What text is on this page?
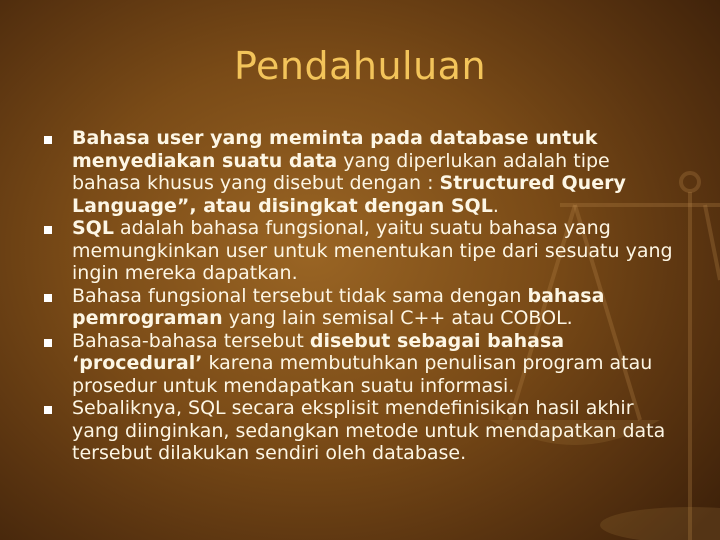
Pendahuluan
Bahasa user yang meminta pada database untuk menyediakan suatu data yang diperlukan adalah tipe bahasa khusus yang disebut dengan : Structured Query Language”, atau disingkat dengan SQL.
SQL adalah bahasa fungsional, yaitu suatu bahasa yang memungkinkan user untuk menentukan tipe dari sesuatu yang ingin mereka dapatkan.
Bahasa fungsional tersebut tidak sama dengan bahasa pemrograman yang lain semisal C++ atau COBOL.
Bahasa-bahasa tersebut disebut sebagai bahasa ‘procedural’ karena membutuhkan penulisan program atau prosedur untuk mendapatkan suatu informasi.
Sebaliknya, SQL secara eksplisit mendefinisikan hasil akhir yang diinginkan, sedangkan metode untuk mendapatkan data tersebut dilakukan sendiri oleh database.
